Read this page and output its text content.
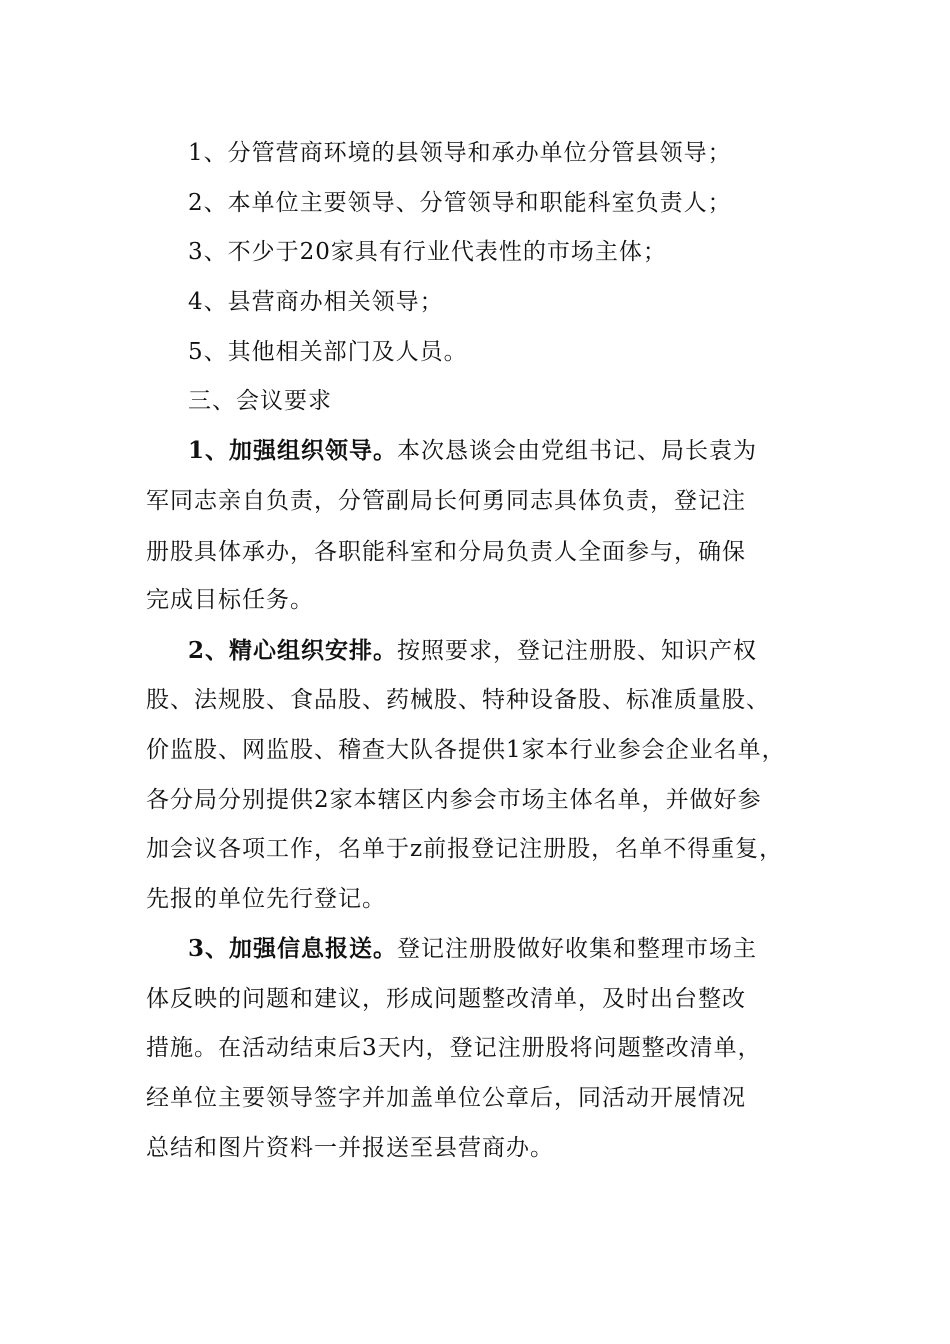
1、分管营商环境的县领导和承办单位分管县领导；
2、本单位主要领导、分管领导和职能科室负责人；
3、不少于20家具有行业代表性的市场主体；
4、县营商办相关领导；
5、其他相关部门及人员。
三、会议要求
1、加强组织领导。本次恳谈会由党组书记、局长袁为
军同志亲自负责，分管副局长何勇同志具体负责，登记注
册股具体承办，各职能科室和分局负责人全面参与，确保
完成目标任务。
2、精心组织安排。按照要求，登记注册股、知识产权
股、法规股、食品股、药械股、特种设备股、标准质量股、
价监股、网监股、稽查大队各提供1家本行业参会企业名单，
各分局分别提供2家本辖区内参会市场主体名单，并做好参
加会议各项工作，名单于z前报登记注册股，名单不得重复，
先报的单位先行登记。
3、加强信息报送。登记注册股做好收集和整理市场主
体反映的问题和建议，形成问题整改清单，及时出台整改
措施。在活动结束后3天内，登记注册股将问题整改清单，
经单位主要领导签字并加盖单位公章后，同活动开展情况
总结和图片资料一并报送至县营商办。
